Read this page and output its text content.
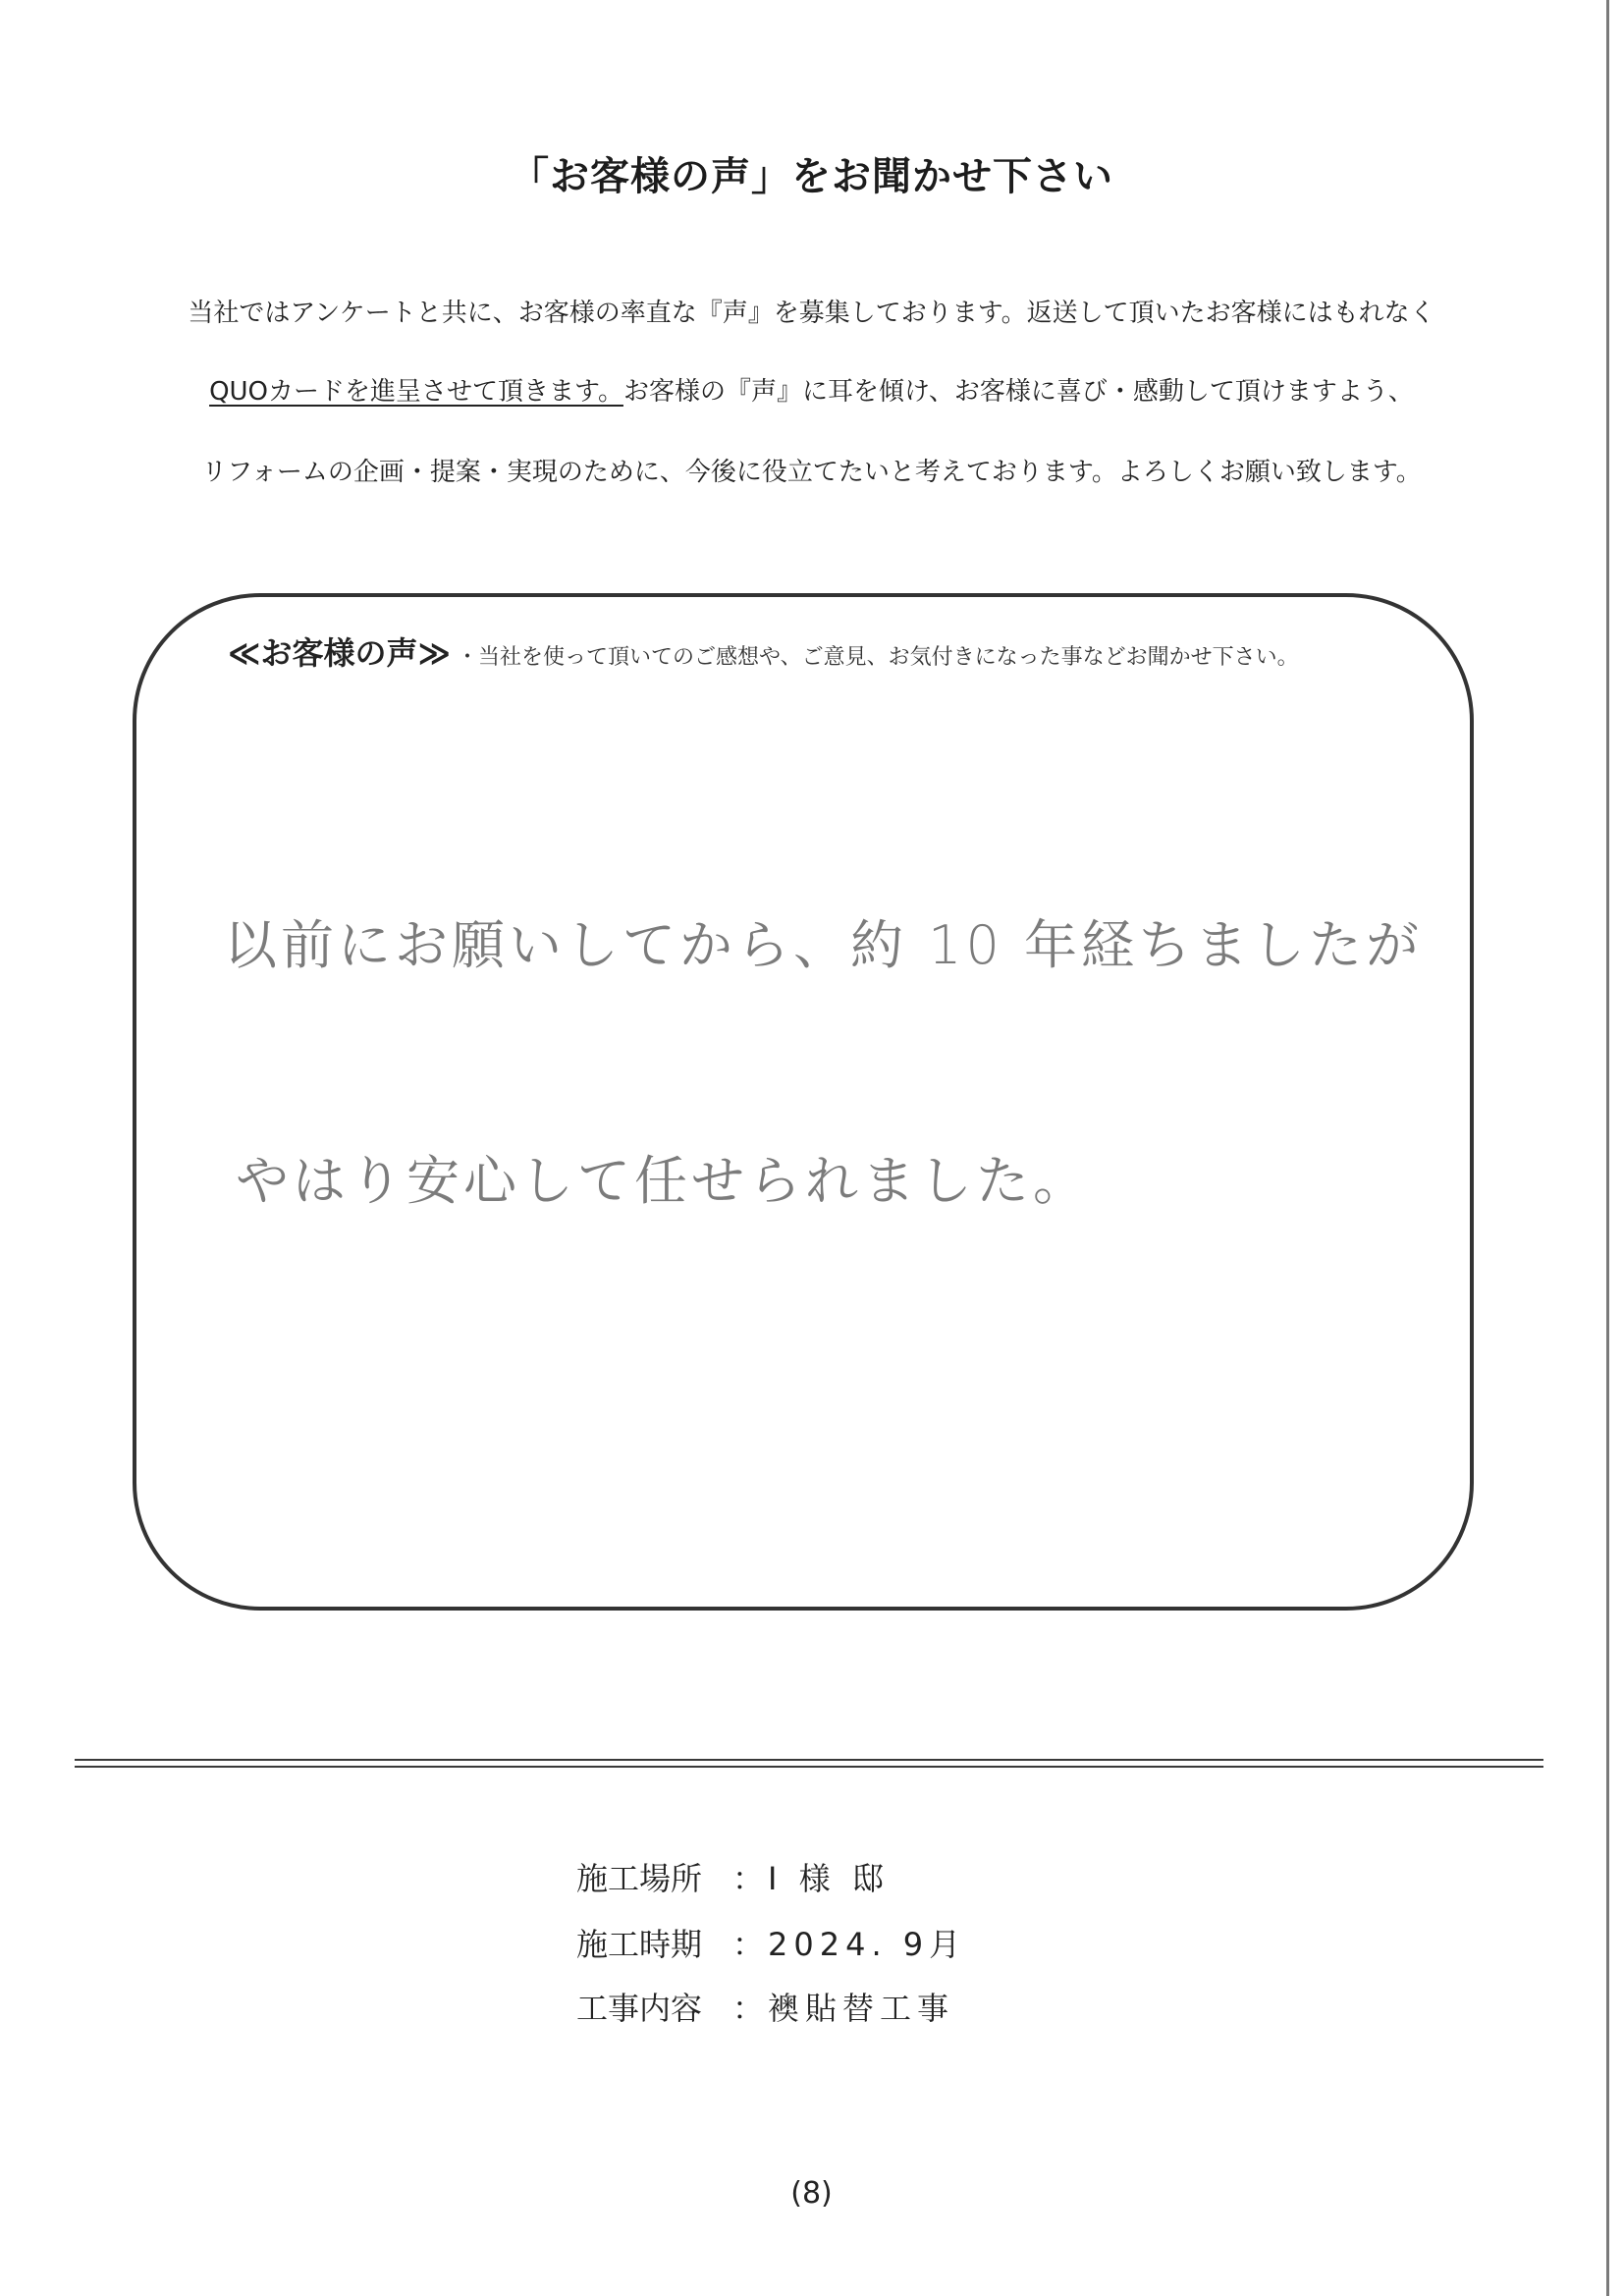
「お客様の声」をお聞かせ下さい
当社ではアンケートと共に、お客様の率直な『声』を募集しております。返送して頂いたお客様にはもれなく
QUOカードを進呈させて頂きます。お客様の『声』に耳を傾け、お客様に喜び・感動して頂けますよう、
リフォームの企画・提案・実現のために、今後に役立てたいと考えております。よろしくお願い致します。
≪お客様の声≫ ・当社を使って頂いてのご感想や、ご意見、お気付きになった事などお聞かせ下さい。
以前にお願いしてから、約 10 年経ちましたが
やはり安心して任せられました。
施工場所 ： I 様 邸
施工時期 ： 2024. 9月
工事内容 ： 襖貼替工事
(8)
